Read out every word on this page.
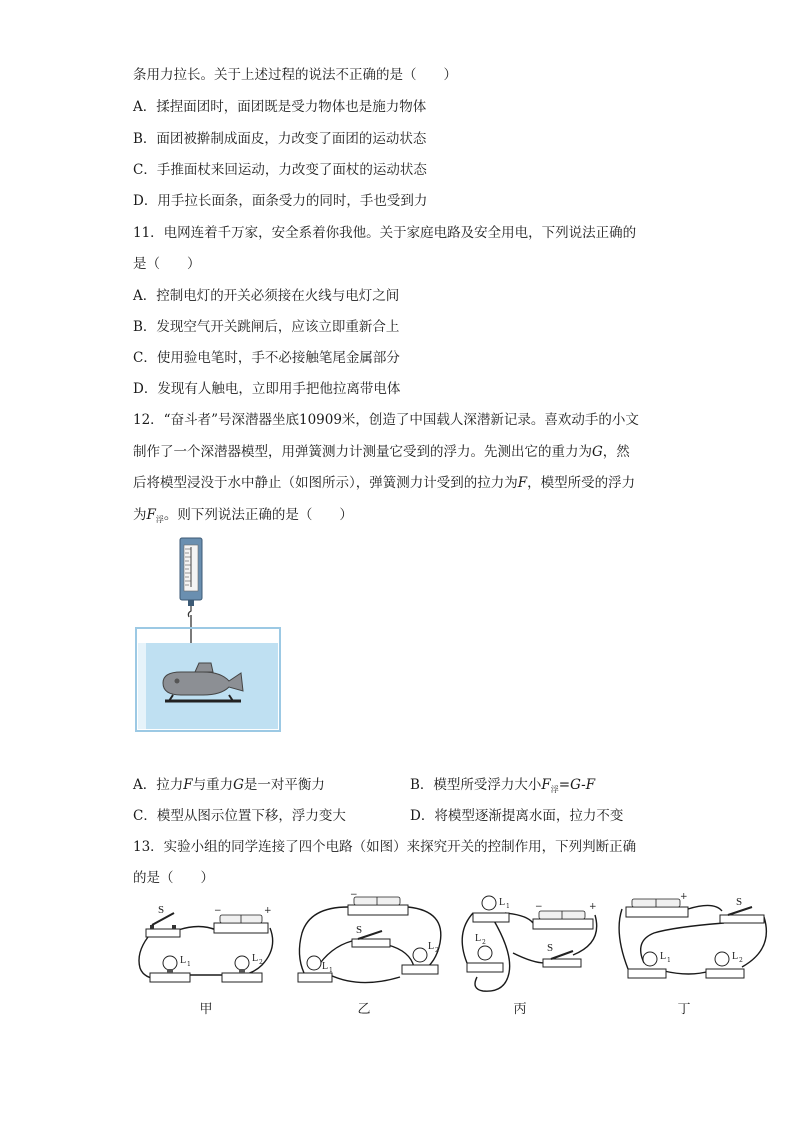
条用力拉长。关于上述过程的说法不正确的是（　　）
A．揉捏面团时，面团既是受力物体也是施力物体
B．面团被擀制成面皮，力改变了面团的运动状态
C．手推面杖来回运动，力改变了面杖的运动状态
D．用手拉长面条，面条受力的同时，手也受到力
11．电网连着千万家，安全系着你我他。关于家庭电路及安全用电，下列说法正确的
是（　　）
A．控制电灯的开关必须接在火线与电灯之间
B．发现空气开关跳闸后，应该立即重新合上
C．使用验电笔时，手不必接触笔尾金属部分
D．发现有人触电，立即用手把他拉离带电体
12．“奋斗者”号深潜器坐底10909米，创造了中国载人深潜新记录。喜欢动手的小文
制作了一个深潜器模型，用弹簧测力计测量它受到的浮力。先测出它的重力为G，然
后将模型浸没于水中静止（如图所示），弹簧测力计受到的拉力为F，模型所受的浮力
为$F_浮$。则下列说法正确的是（　　）
A．拉力F与重力G是一对平衡力	B．模型所受浮力大小$F_浮=G-F$
C．模型从图示位置下移，浮力变大	D．将模型逐渐提离水面，拉力不变
13．实验小组的同学连接了四个电路（如图）来探究开关的控制作用，下列判断正确
的是（　　）
S	−	+
L 1
L 2
甲
−
S
L 1
L 2
乙
L 1	−	+
L 2	S
丙
+	S
L 1	L 2
丁
